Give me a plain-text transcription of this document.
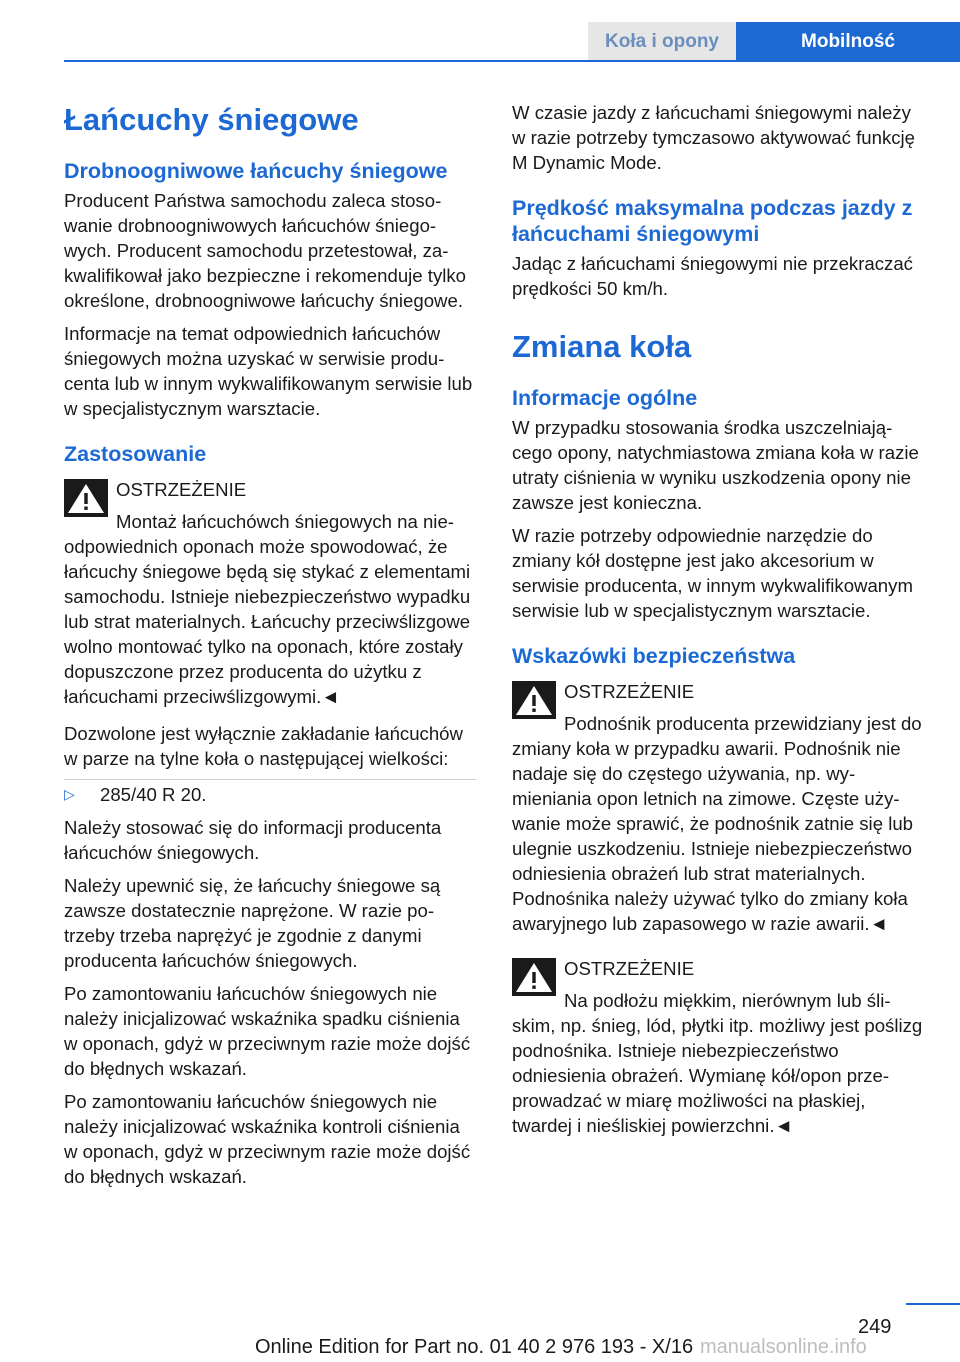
Koła i opony	Mobilność
Łańcuchy śniegowe
Drobnoogniwowe łańcuchy śniegowe
Producent Państwa samochodu zaleca stosowanie drobnoogniwowych łańcuchów śniegowych. Producent samochodu przetestował, zakwalifikował jako bezpieczne i rekomenduje tylko określone, drobnoogniwowe łańcuchy śniegowe.
Informacje na temat odpowiednich łańcuchów śniegowych można uzyskać w serwisie producenta lub w innym wykwalifikowanym serwisie lub w specjalistycznym warsztacie.
Zastosowanie
OSTRZEŻENIE
Montaż łańcuchówch śniegowych na nieodpowiednich oponach może spowodować, że łańcuchy śniegowe będą się stykać z elementami samochodu. Istnieje niebezpieczeństwo wypadku lub strat materialnych. Łańcuchy przeciwślizgowe wolno montować tylko na oponach, które zostały dopuszczone przez producenta do użytku z łańcuchami przeciwślizgowymi.◄
Dozwolone jest wyłącznie zakładanie łańcuchów w parze na tylne koła o następującej wielkości:
▷	285/40 R 20.
Należy stosować się do informacji producenta łańcuchów śniegowych.
Należy upewnić się, że łańcuchy śniegowe są zawsze dostatecznie naprężone. W razie potrzeby trzeba naprężyć je zgodnie z danymi producenta łańcuchów śniegowych.
Po zamontowaniu łańcuchów śniegowych nie należy inicjalizować wskaźnika spadku ciśnienia w oponach, gdyż w przeciwnym razie może dojść do błędnych wskazań.
Po zamontowaniu łańcuchów śniegowych nie należy inicjalizować wskaźnika kontroli ciśnienia w oponach, gdyż w przeciwnym razie może dojść do błędnych wskazań.
W czasie jazdy z łańcuchami śniegowymi należy w razie potrzeby tymczasowo aktywować funkcję M Dynamic Mode.
Prędkość maksymalna podczas jazdy z łańcuchami śniegowymi
Jadąc z łańcuchami śniegowymi nie przekraczać prędkości 50 km/h.
Zmiana koła
Informacje ogólne
W przypadku stosowania środka uszczelniającego opony, natychmiastowa zmiana koła w razie utraty ciśnienia w wyniku uszkodzenia opony nie zawsze jest konieczna.
W razie potrzeby odpowiednie narzędzie do zmiany kół dostępne jest jako akcesorium w serwisie producenta, w innym wykwalifikowanym serwisie lub w specjalistycznym warsztacie.
Wskazówki bezpieczeństwa
OSTRZEŻENIE
Podnośnik producenta przewidziany jest do zmiany koła w przypadku awarii. Podnośnik nie nadaje się do częstego używania, np. wymieniania opon letnich na zimowe. Częste używanie może sprawić, że podnośnik zatnie się lub ulegnie uszkodzeniu. Istnieje niebezpieczeństwo odniesienia obrażeń lub strat materialnych. Podnośnika należy używać tylko do zmiany koła awaryjnego lub zapasowego w razie awarii.◄
OSTRZEŻENIE
Na podłożu miękkim, nierównym lub śliskim, np. śnieg, lód, płytki itp. możliwy jest poślizg podnośnika. Istnieje niebezpieczeństwo odniesienia obrażeń. Wymianę kół/opon przeprowadzać w miarę możliwości na płaskiej, twardej i nieśliskiej powierzchni.◄
249
Online Edition for Part no. 01 40 2 976 193 - X/16 manualsonline.info
